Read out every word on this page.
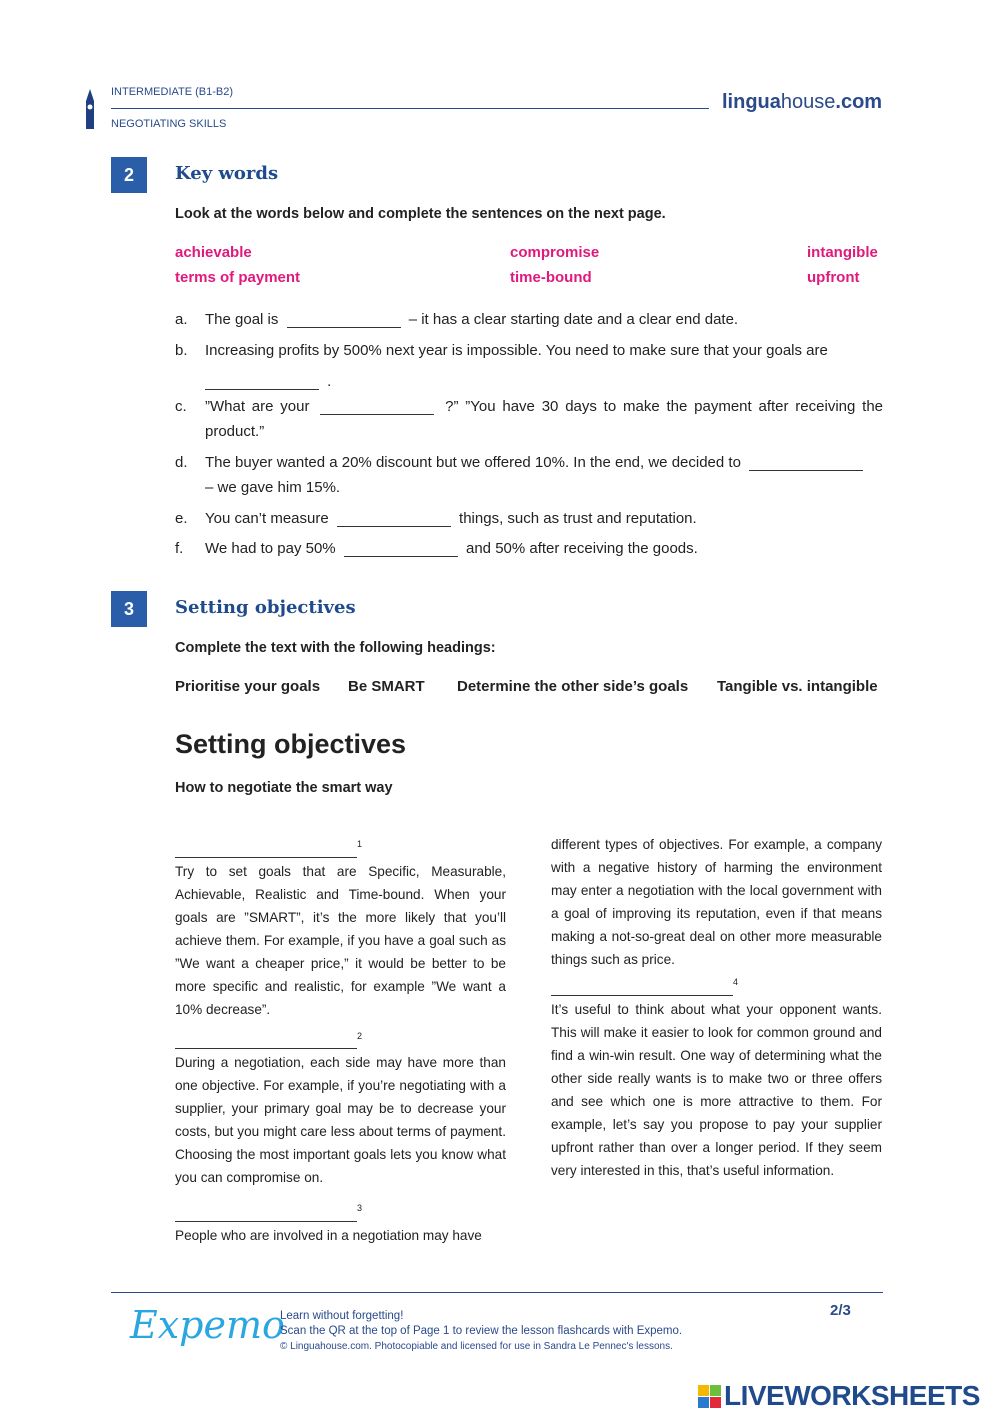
INTERMEDIATE (B1-B2)
NEGOTIATING SKILLS
linguahouse.com
2	Key words
Look at the words below and complete the sentences on the next page.
achievable	compromise	intangible
terms of payment	time-bound	upfront
a. The goal is	– it has a clear starting date and a clear end date.
b. Increasing profits by 500% next year is impossible. You need to make sure that your goals are
.
c. ”What are your	?” ”You have 30 days to make the payment after receiving the product.”
d. The buyer wanted a 20% discount but we offered 10%. In the end, we decided to
– we gave him 15%.
e. You can’t measure	things, such as trust and reputation.
f. We had to pay 50%	and 50% after receiving the goods.
3	Setting objectives
Complete the text with the following headings:
Prioritise your goals Be SMART Determine the other side’s goals Tangible vs. intangible
Setting objectives
How to negotiate the smart way
$^1$

Try to set goals that are Specific, Measurable, Achievable, Realistic and Time-bound. When your goals are ”SMART”, it’s the more likely that you’ll achieve them. For example, if you have a goal such as ”We want a cheaper price,” it would be better to be more specific and realistic, for example ”We want a 10% decrease”.

$^2$

During a negotiation, each side may have more than one objective. For example, if you’re negotiating with a supplier, your primary goal may be to decrease your costs, but you might care less about terms of payment. Choosing the most important goals lets you know what you can compromise on.

$^3$

People who are involved in a negotiation may have

different types of objectives. For example, a company with a negative history of harming the environment may enter a negotiation with the local government with a goal of improving its reputation, even if that means making a not-so-great deal on other more measurable things such as price.

$^4$

It’s useful to think about what your opponent wants. This will make it easier to look for common ground and find a win-win result. One way of determining what the other side really wants is to make two or three offers and see which one is more attractive to them. For example, let’s say you propose to pay your supplier upfront rather than over a longer period. If they seem very interested in this, that’s useful information.

Expemo
Learn without forgetting!
Scan the QR at the top of Page 1 to review the lesson flashcards with Expemo.
© Linguahouse.com. Photocopiable and licensed for use in Sandra Le Pennec's lessons.
2/3
LIVEWORKSHEETS
